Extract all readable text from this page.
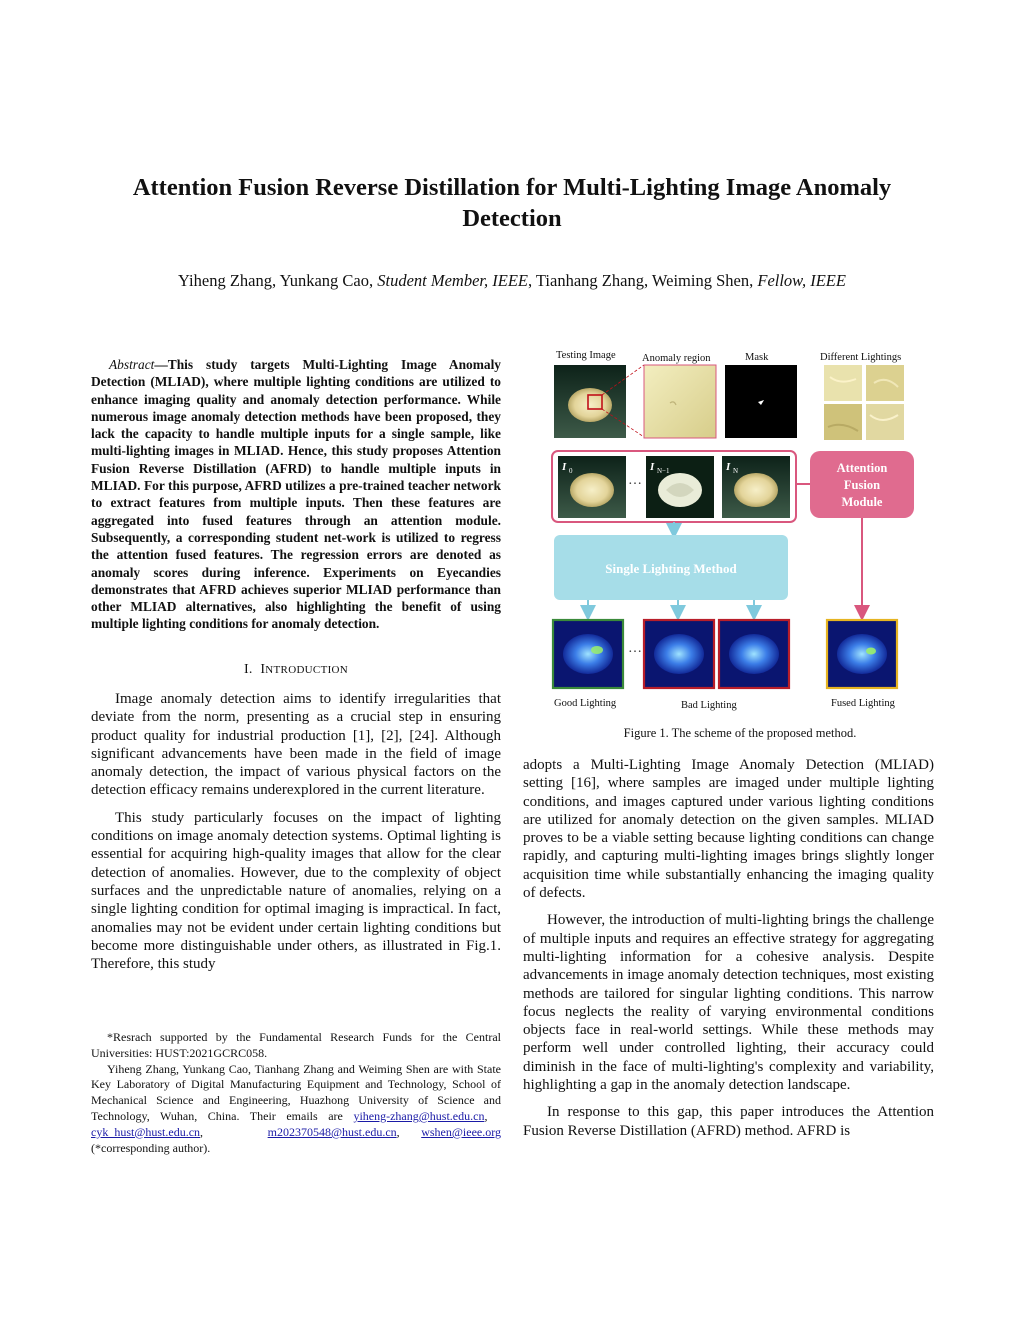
Attention Fusion Reverse Distillation for Multi-Lighting Image Anomaly Detection
Yiheng Zhang, Yunkang Cao, Student Member, IEEE, Tianhang Zhang, Weiming Shen, Fellow, IEEE
Abstract—This study targets Multi-Lighting Image Anomaly Detection (MLIAD), where multiple lighting conditions are utilized to enhance imaging quality and anomaly detection performance. While numerous image anomaly detection methods have been proposed, they lack the capacity to handle multiple inputs for a single sample, like multi-lighting images in MLIAD. Hence, this study proposes Attention Fusion Reverse Distillation (AFRD) to handle multiple inputs in MLIAD. For this purpose, AFRD utilizes a pre-trained teacher network to extract features from multiple inputs. Then these features are aggregated into fused features through an attention module. Subsequently, a corresponding student net-work is utilized to regress the attention fused features. The regression errors are denoted as anomaly scores during inference. Experiments on Eyecandies demonstrates that AFRD achieves superior MLIAD performance than other MLIAD alternatives, also highlighting the benefit of using multiple lighting conditions for anomaly detection.
I. INTRODUCTION

Image anomaly detection aims to identify irregularities that deviate from the norm, presenting as a crucial step in ensuring product quality for industrial production [1], [2], [24]. Although significant advancements have been made in the field of image anomaly detection, the impact of various physical factors on the detection efficacy remains underexplored in the current literature.

This study particularly focuses on the impact of lighting conditions on image anomaly detection systems. Optimal lighting is essential for acquiring high-quality images that allow for the clear detection of anomalies. However, due to the complexity of object surfaces and the unpredictable nature of anomalies, relying on a single lighting condition for optimal imaging is impractical. In fact, anomalies may not be evident under certain lighting conditions but become more distinguishable under others, as illustrated in Fig.1. Therefore, this study

*Resrach supported by the Fundamental Research Funds for the Central Universities: HUST:2021GCRC058.

Yiheng Zhang, Yunkang Cao, Tianhang Zhang and Weiming Shen are with State Key Laboratory of Digital Manufacturing Equipment and Technology, School of Mechanical Science and Engineering, Huazhong University of Science and Technology, Wuhan, China. Their emails are yiheng-zhang@hust.edu.cn,   cyk_hust@hust.edu.cn,   m202370548@hust.edu.cn, wshen@ieee.org (*corresponding author).

Testing Image	Anomaly region	Mask	Different Lightings
I 0
…
I N−1	I N	Attention
Fusion
Module
Single Lighting Method
…
Good Lighting	Bad Lighting	Fused Lighting
Figure 1. The scheme of the proposed method.

adopts a Multi-Lighting Image Anomaly Detection (MLIAD) setting [16], where samples are imaged under multiple lighting conditions, and images captured under various lighting conditions are utilized for anomaly detection on the given samples. MLIAD proves to be a viable setting because lighting conditions can change rapidly, and capturing multi-lighting images brings slightly longer acquisition time while substantially enhancing the imaging quality of defects.

However, the introduction of multi-lighting brings the challenge of multiple inputs and requires an effective strategy for aggregating multi-lighting information for a cohesive analysis. Despite advancements in image anomaly detection techniques, most existing methods are tailored for singular lighting conditions. This narrow focus neglects the reality of varying environmental conditions objects face in real-world settings. While these methods may perform well under controlled lighting, their accuracy could diminish in the face of multi-lighting's complexity and variability, highlighting a gap in the anomaly detection landscape.

In response to this gap, this paper introduces the Attention Fusion Reverse Distillation (AFRD) method. AFRD is
